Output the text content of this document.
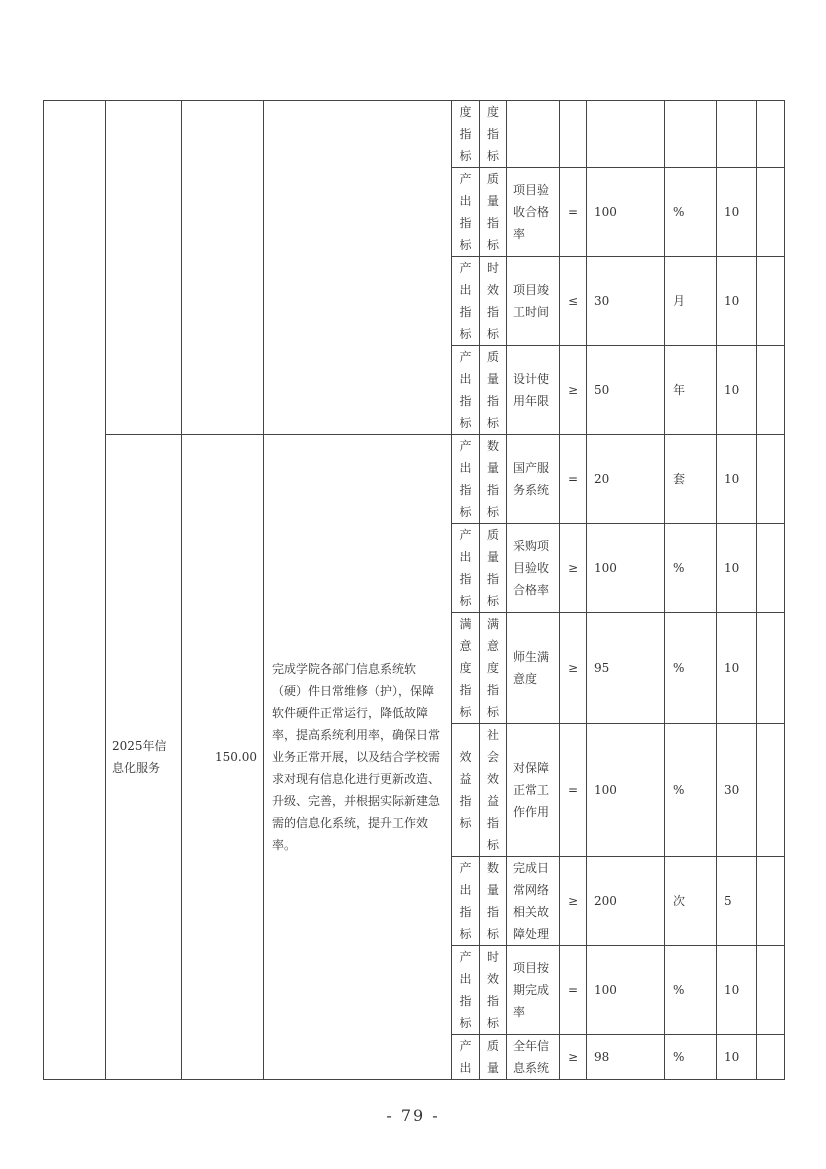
				度指标	度指标						

				产出指标	质量指标	项目验收合格率	=	100	%	10	

				产出指标	时效指标	项目竣工时间	≤	30	月	10	

				产出指标	质量指标	设计使用年限	≥	50	年	10	
	2025年信息化服务	150.00	完成学院各部门信息系统软（硬）件日常维修（护），保障软件硬件正常运行，降低故障率，提高系统利用率，确保日常业务正常开展，以及结合学校需求对现有信息化进行更新改造、升级、完善，并根据实际新建急需的信息化系统，提升工作效率。	产出指标	数量指标	国产服务系统	=	20	套	10	

				产出指标	质量指标	采购项目验收合格率	≥	100	%	10	

				满意度指标	满意度指标	师生满意度	≥	95	%	10	

				效益指标	社会效益指标	对保障正常工作作用	=	100	%	30	

				产出指标	数量指标	完成日常网络相关故障处理	≥	200	次	5	

				产出指标	时效指标	项目按期完成率	=	100	%	10	

				产出	质量	全年信息系统	≥	98	%	10	
- 79 -
